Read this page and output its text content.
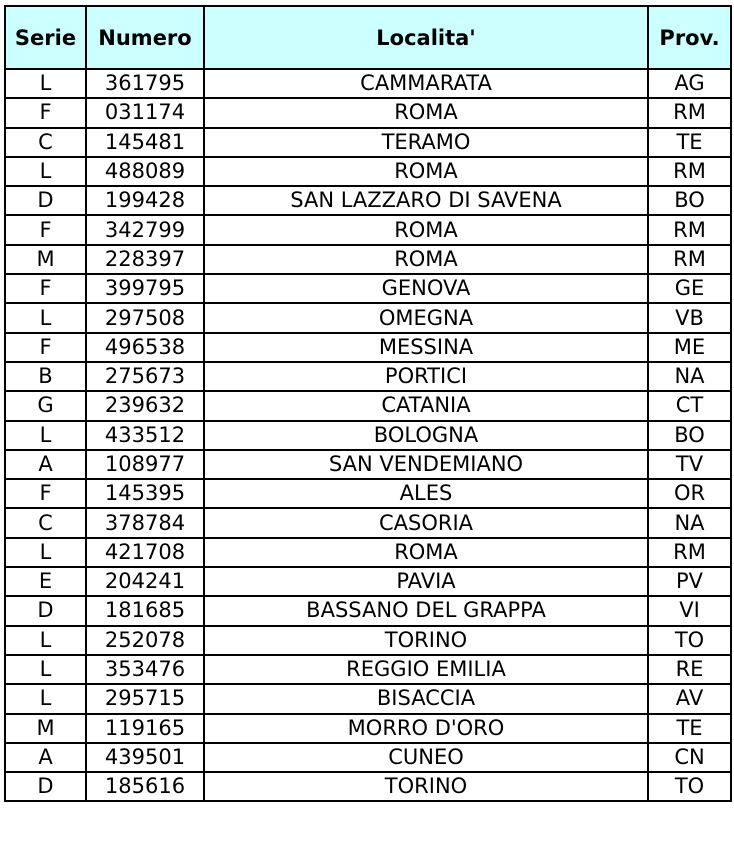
Serie	Numero	Localita'	Prov.
L	361795	CAMMARATA	AG
F	031174	ROMA	RM
C	145481	TERAMO	TE
L	488089	ROMA	RM
D	199428	SAN LAZZARO DI SAVENA	BO
F	342799	ROMA	RM
M	228397	ROMA	RM
F	399795	GENOVA	GE
L	297508	OMEGNA	VB
F	496538	MESSINA	ME
B	275673	PORTICI	NA
G	239632	CATANIA	CT
L	433512	BOLOGNA	BO
A	108977	SAN VENDEMIANO	TV
F	145395	ALES	OR
C	378784	CASORIA	NA
L	421708	ROMA	RM
E	204241	PAVIA	PV
D	181685	BASSANO DEL GRAPPA	VI
L	252078	TORINO	TO
L	353476	REGGIO EMILIA	RE
L	295715	BISACCIA	AV
M	119165	MORRO D'ORO	TE
A	439501	CUNEO	CN
D	185616	TORINO	TO
